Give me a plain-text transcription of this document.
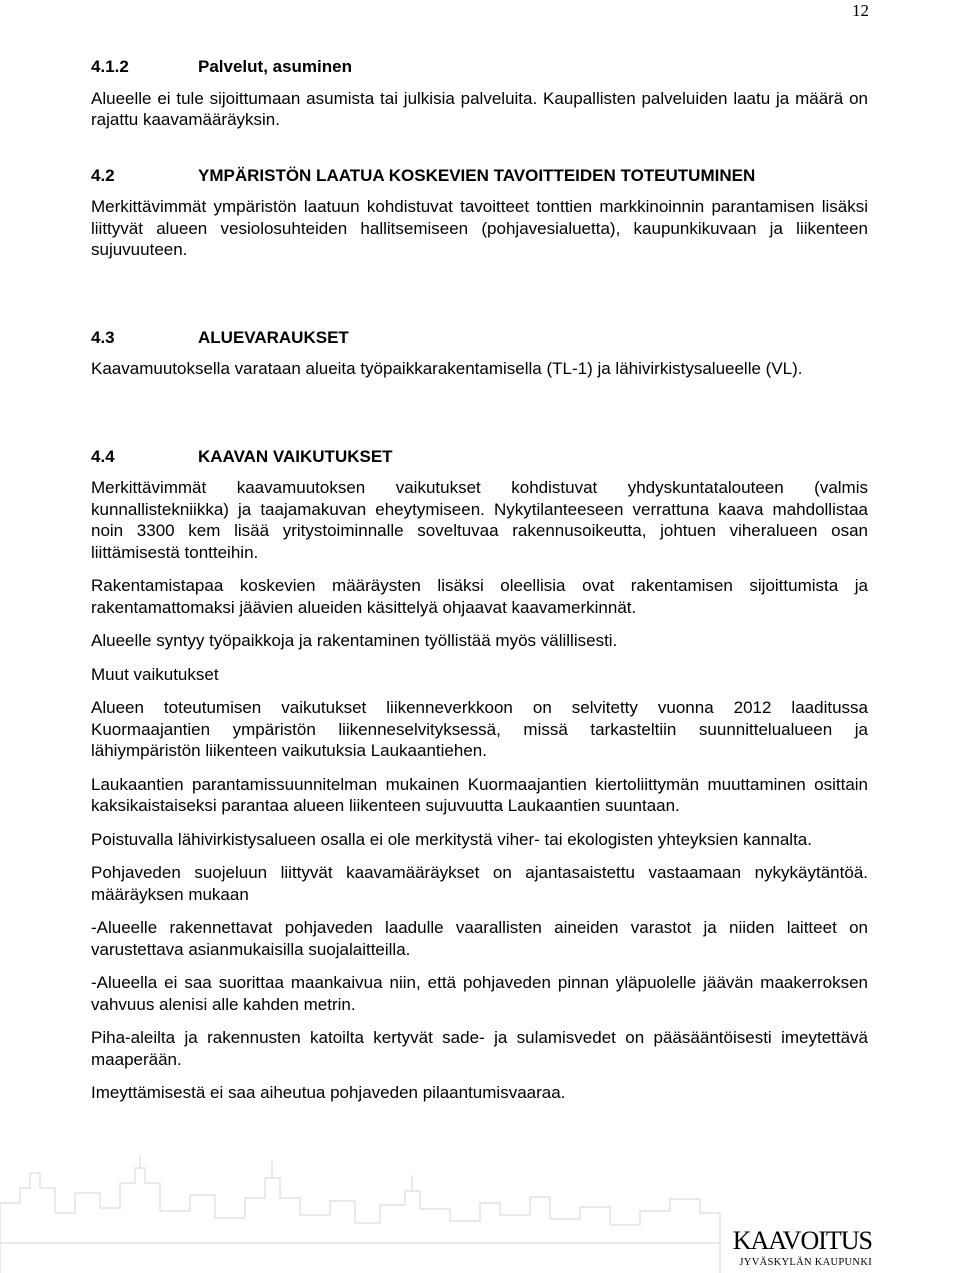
12
4.1.2	Palvelut, asuminen

Alueelle ei tule sijoittumaan asumista tai julkisia palveluita. Kaupallisten palveluiden laatu ja määrä on rajattu kaavamääräyksin.

4.2	YMPÄRISTÖN LAATUA KOSKEVIEN TAVOITTEIDEN TOTEUTUMINEN

Merkittävimmät ympäristön laatuun kohdistuvat tavoitteet tonttien markkinoinnin parantamisen lisäksi liittyvät alueen vesiolosuhteiden hallitsemiseen (pohjavesialuetta), kaupunkikuvaan ja liikenteen sujuvuuteen.

4.3	ALUEVARAUKSET

Kaavamuutoksella varataan alueita työpaikkarakentamisella (TL-1) ja lähivirkistysalueelle (VL).

4.4	KAAVAN VAIKUTUKSET

Merkittävimmät kaavamuutoksen vaikutukset kohdistuvat yhdyskuntatalouteen (valmis kunnallistekniikka) ja taajamakuvan eheytymiseen. Nykytilanteeseen verrattuna kaava mahdollistaa noin 3300 kem lisää yritystoiminnalle soveltuvaa rakennusoikeutta, johtuen viheralueen osan liittämisestä tontteihin.

Rakentamistapaa koskevien määräysten lisäksi oleellisia ovat rakentamisen sijoittumista ja rakentamattomaksi jäävien alueiden käsittelyä ohjaavat kaavamerkinnät.

Alueelle syntyy työpaikkoja ja rakentaminen työllistää myös välillisesti.

Muut vaikutukset

Alueen toteutumisen vaikutukset liikenneverkkoon on selvitetty vuonna 2012 laaditussa Kuormaajantien ympäristön liikenneselvityksessä, missä tarkasteltiin suunnittelualueen ja lähiympäristön liikenteen vaikutuksia Laukaantiehen.

Laukaantien parantamissuunnitelman mukainen Kuormaajantien kiertoliittymän muuttaminen osittain kaksikaistaiseksi parantaa alueen liikenteen sujuvuutta Laukaantien suuntaan.

Poistuvalla lähivirkistysalueen osalla ei ole merkitystä viher- tai ekologisten yhteyksien kannalta.

Pohjaveden suojeluun liittyvät kaavamääräykset on ajantasaistettu vastaamaan nykykäytäntöä. määräyksen mukaan

-Alueelle rakennettavat pohjaveden laadulle vaarallisten aineiden varastot ja niiden laitteet on varustettava asianmukaisilla suojalaitteilla.

-Alueella ei saa suorittaa maankaivua niin, että pohjaveden pinnan yläpuolelle jäävän maakerroksen vahvuus alenisi alle kahden metrin.

Piha-aleilta ja rakennusten katoilta kertyvät sade- ja sulamisvedet on pääsääntöisesti imeytettävä maaperään.

Imeyttämisestä ei saa aiheutua pohjaveden pilaantumisvaaraa.

KAAVOITUS
JYVÄSKYLÄN KAUPUNKI
